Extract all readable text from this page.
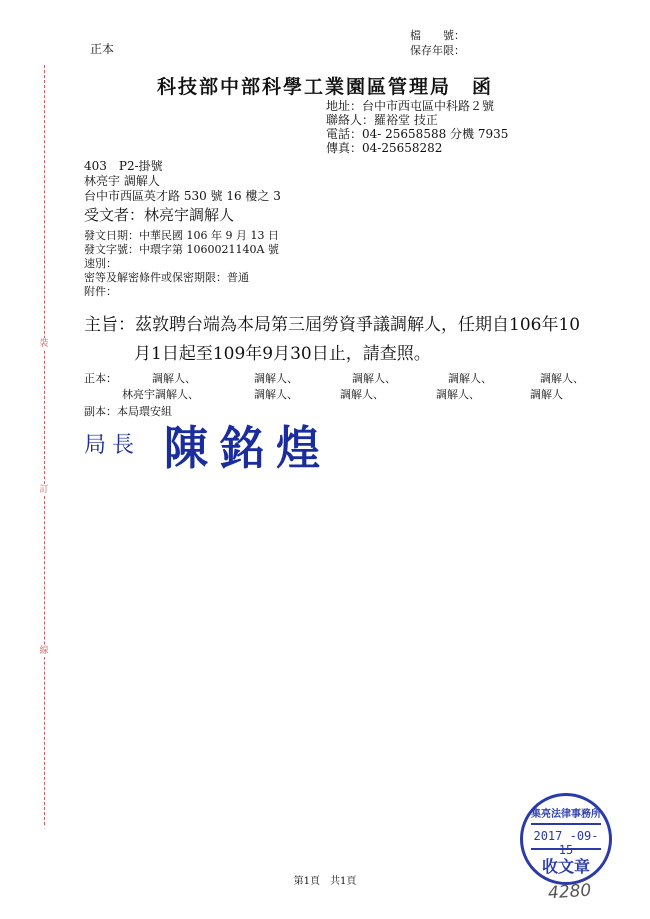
裝
訂
線
正本
檔　　號：
保存年限：
科技部中部科學工業園區管理局　函
地址：台中市西屯區中科路２號
聯絡人：羅裕堂 技正
電話：04- 25658588 分機 7935
傳真：04-25658282
403　P2-掛號
林亮宇 調解人
台中市西區英才路 530 號 16 樓之 3
受文者：林亮宇調解人
發文日期：中華民國 106 年 9 月 13 日
發文字號：中環字第 1060021140A 號
速別：
密等及解密條件或保密期限：普通
附件：
主旨：茲敦聘台端為本局第三屆勞資爭議調解人，任期自106年10
月1日起至109年9月30日止，請查照。
正本：	調解人、	調解人、	調解人、	調解人、	調解人、
林亮宇調解人、	調解人、	調解人、	調解人、	調解人
副本：本局環安組
局長 陳銘煌
集亮法律事務所
2017 -09- 15
收文章
第1頁　共1頁	4280
